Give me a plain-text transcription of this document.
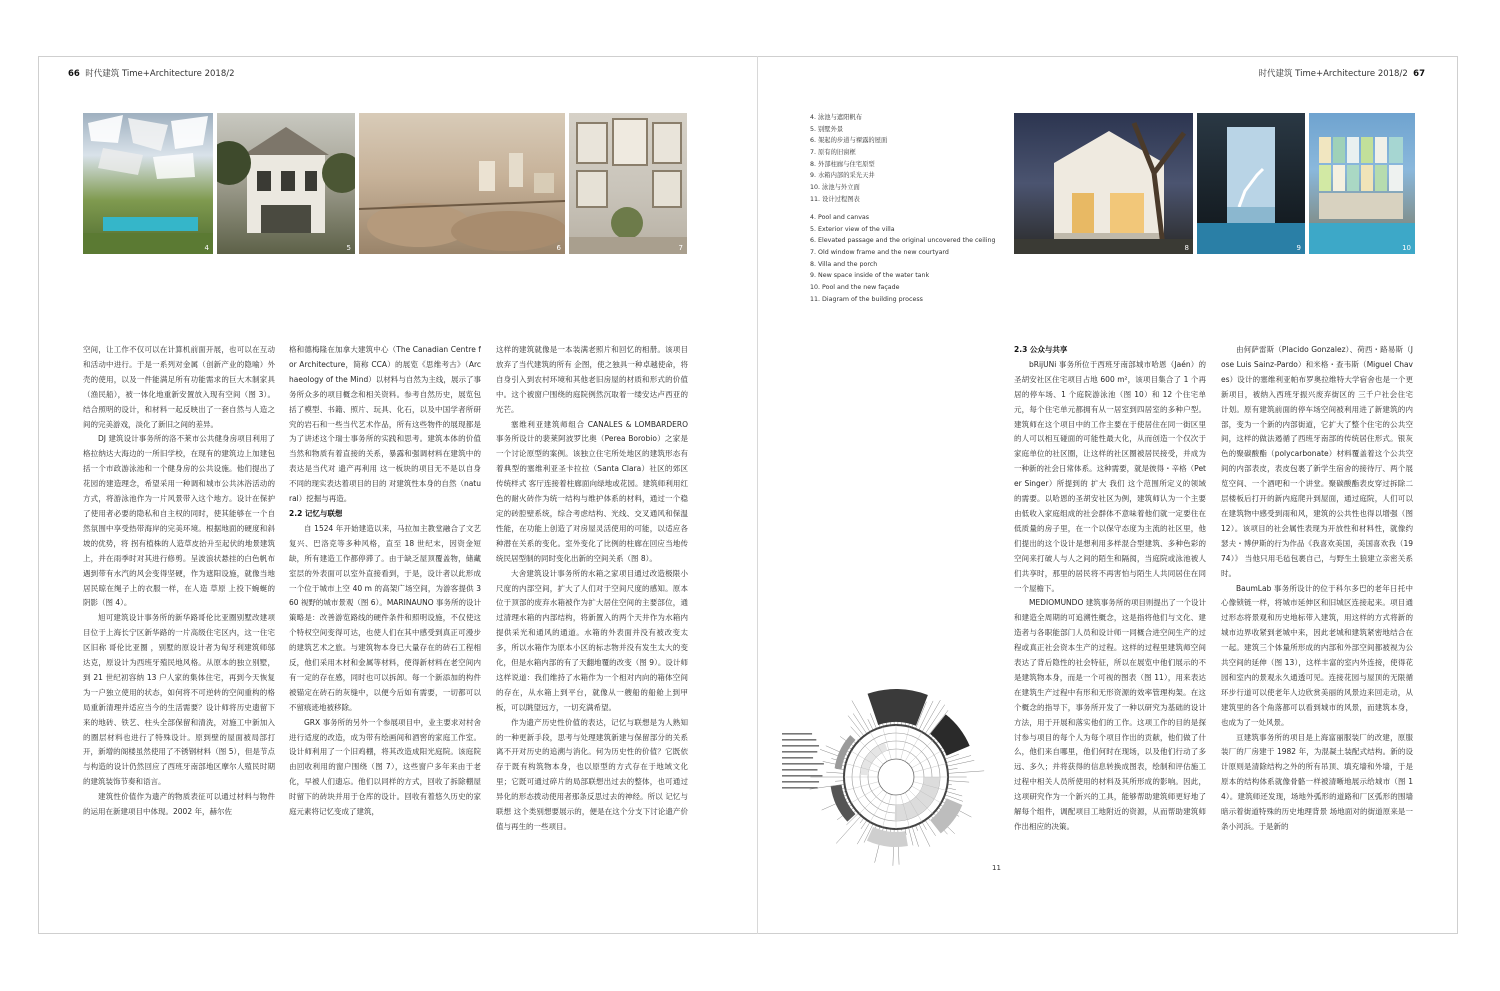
66 时代建筑 Time+Architecture 2018/2	时代建筑 Time+Architecture 2018/2 67
4	5	6	7	8	9	10
4. 泳池与遮阳帆布
5. 别墅外景
6. 架起的步道与裸露的屋面
7. 原有的旧窗框
8. 外部柱廊与住宅原型
9. 水箱内部的采光天井
10. 泳池与外立面
11. 设计过程图表
4. Pool and canvas
5. Exterior view of the villa
6. Elevated passage and the original uncovered the ceiling
7. Old window frame and the new courtyard
8. Villa and the porch
9. New space inside of the water tank
10. Pool and the new façade
11. Diagram of the building process

空间，让工作不仅可以在计算机前面开展，也可以在互动和活动中进行。于是一系列对金属（创新产业的隐喻）外壳的使用，以及一件能满足所有功能需求的巨大木制家具（渔民船），被一体化地重新安置放入现有空间（图 3）。结合照明的设计，和材料一起反映出了一套自然与人造之间的完美游戏，淡化了新旧之间的差异。

DJ 建筑设计事务所的洛不莱市公共健身房项目利用了格拉纳达大海边的一所旧学校，在现有的建筑边上加建包括一个市政游泳池和一个健身房的公共设施。他们提出了花园的建造理念，希望采用一种调和城市公共沐浴活动的方式，将游泳池作为一片风景带入这个地方。设计在保护了使用者必要的隐私和自主权的同时，使其能够在一个自然氛围中享受热带海岸的完美环境。根据地面的硬度和斜坡的优势，将 拐有植株的人造草皮抬升至起伏的地景建筑上，并在雨季时对其进行修剪。呈波浪状悬挂的白色帆布遇到带有水汽的风会变得坚硬，作为遮阳设施，就像当地居民晾在绳子上的衣服一样，在人造 草原 上投下蜿蜒的阴影（图 4）。

旭可建筑设计事务所的新华路哥伦比亚圈别墅改建项目位于上海长宁区新华路的一片高级住宅区内，这一住宅区旧称 哥伦比亚圈 ，别墅的原设计者为匈牙利建筑师邬达克，原设计为西班牙殖民地风格。从原本的独立别墅，到 21 世纪初容纳 13 户人家的集体住宅，再到今天恢复为一户独立使用的状态，如何将不可逆转的空间重构的格局重新清理并适应当今的生活需要？设计师将历史遗留下来的地砖、铁艺、柱头全部保留和清洗，对施工中新加入的圈层材料也进行了特殊设计。原到壁的屋面被局部打开，新增的阁楼虽然使用了不锈钢材料（图 5），但是节点与构造的设计仍然回应了西班牙南部地区摩尔人殖民时期的建筑装饰节奏和语言。

建筑性价值作为遗产的物质表征可以通过材料与物件的运用在新建项目中体现。2002 年，赫尔佐

格和德梅隆在加拿大建筑中心（The Canadian Centre for Architecture，简称 CCA）的展览《思维考古》（Archaeology of the Mind）以材料与自然为主线，展示了事务所众多的项目概念和相关资料。参考自然历史，展览包括了模型、书籍、照片、玩具、化石，以及中国学者所研究的岩石和一些当代艺术作品，所有这些物件的展现都是为了讲述这个瑞士事务所的实践和思考。建筑本体的价值当然和物质有着直接的关系，暴露和强调材料在建筑中的表达是当代对 遗产再利用 这一板块的项目无不是以自身不同的现实表达着项目的目的 对建筑性本身的自然（natural）挖掘与再造。

2.2 记忆与联想

自 1524 年开始建造以来，马拉加主教堂融合了文艺复兴、巴洛克等多种风格，直至 18 世纪末，因资金短缺，所有建造工作都停滞了。由于缺乏屋顶覆盖物，储藏室层的外表面可以室外直接看到，于是，设计者以此形成一个位于城市上空 40 m 的高架广场空间，为游客提供 360 视野的城市景观（图 6）。MARINAUNO 事务所的设计策略是：改善游览路线的硬件条件和照明设施，不仅使这个特权空间变得可达，也使人们在其中感受到真正可漫步的建筑艺术之旅。与建筑物本身已大量存在的砖石工程相反，他们采用木材和金属等材料，使得新材料在老空间内有一定的存在感，同时也可以拆卸。每一个新添加的构件被锚定在砖石的灰缝中，以便今后如有需要，一切都可以不留痕迹地被移除。

GRX 事务所的另外一个参展项目中，业主要求对村舍进行适度的改造，成为带有绘画间和酒窖的家庭工作室。设计师利用了一个旧鸡棚，将其改造成阳光庭院。该庭院由回收利用的窗户围绕（图 7），这些窗户多年来由于老化，早被人们遗忘。他们以同样的方式，回收了拆除棚屋时留下的砖块并用于仓库的设计。回收有着悠久历史的家庭元素将记忆变成了建筑，

这样的建筑就像是一本装满老照片和回忆的相册。该项目放弃了当代建筑的所有 企图，使之独具一种卓越使命，将自身引入到农村环境和其他老旧房屋的材质和形式的价值中。这个被窗户围绕的庭院例然沉取着一缕安达卢西亚的光芒。

塞维利亚建筑师组合 CANALES & LOMBARDERO 事务所设计的裴莱阿波罗比奥（Perea Borobio）之家是一个讨论原型的案例。该独立住宅所处地区的建筑形态有着典型的塞维利亚圣卡拉拉（Santa Clara）社区的郊区传统样式 客厅连接着柱廊面向绿地或花园。建筑师利用红色的耐火砖作为统一结构与维护体系的材料，通过一个稳定的砖腔壁系统，综合考虑结构、光线、交叉通风和保温性能，在功能上创造了对房屋灵活使用的可能，以适应各种潜在关系的变化。室外变化了比例的柱廊在回应当地传统民居型制的同时变化出新的空间关系（图 8）。

大舍建筑设计事务所的水箱之家项目通过改造极限小尺度的内部空间，扩大了人们对于空间尺度的感知。原本位于顶部的废弃水箱被作为扩大居住空间的主要部位，通过清理水箱的内部结构，将新置入的两个天井作为水箱内提供采光和通风的通道。水箱的外表面并没有被改变太多，所以水箱作为原本小区的标志物并没有发生太大的变化，但是水箱内部的有了天翻地覆的改变（图 9）。设计师这样说道：我们维持了水箱作为一个相对内向的箱体空间的存在，从水箱上到平台，就像从一艘船的船舱上到甲板，可以眺望远方，一切充满希望。

作为遗产历史性价值的表达，记忆与联想是为人熟知的一种更新手段，思考与处理建筑新建与保留部分的关系离不开对历史的追溯与消化。何为历史性的价值？它既依存于既有构筑物本身，也以原型的方式存在于地域文化里；它既可通过碎片的局部联想出过去的整体，也可通过异化的形态拨动使用者那条反思过去的神经。所以 记忆与联想 这个类别想要展示的，便是在这个分支下讨论遗产价值与再生的一些项目。

2.3 公众与共享

bRijUNi 事务所位于西班牙南部城市哈恩（Jaén）的圣胡安社区住宅项目占地 600 m²，该项目集合了 1 个再居的停车场、1 个庭院游泳池（图 10）和 12 个住宅单元，每个住宅单元都拥有从一居室到四居室的多种户型。建筑师在这个项目中的工作主要在于使居住在同一街区里的人可以相互碰面的可能性最大化，从而创造一个仅次于家庭单位的社区圈，让这样的社区圈被居民接受，并成为一种新的社会日常体系。这种需要，就是彼得・辛格（Peter Singer）所提到的 扩大 我们 这个范围所定义的领域 的需要。以哈恩的圣胡安社区为例，建筑师认为一个主要由低收入家庭组成的社会群体不意味着他们就一定要住在低质量的房子里，在一个以保守态度为主流的社区里，他们提出的这个设计是想利用多样混合型建筑、多种色彩的空间来打破人与人之间的陌生和隔阂，当庭院或泳池被人们共享时，那里的居民将不再害怕与陌生人共同居住在同一个屋檐下。

MEDIOMUNDO 建筑事务所的项目则提出了一个设计和建造全周期的可追溯性概念，这是指将他们与文化、建造者与各职能部门人员和设计师一同概合进空间生产的过程或真正社会资本生产的过程。这样的过程里建筑师空间表达了背后隐性的社会特征，所以在展览中他们展示的不是建筑物本身，而是一个可视的图表（图 11），用来表达在建筑生产过程中有形和无形资源的效率管理构架。在这个概念的指导下，事务所开发了一种以研究为基础的设计方法，用于开展和落实他们的工作。这项工作的目的是探讨参与项目的每个人为每个项目作出的贡献，他们做了什么，他们来自哪里，他们何时在现场，以及他们行动了多远、多久；并将获得的信息转换成图表，绘制和评估施工过程中相关人员所使用的材料及其所形成的影响。因此，这项研究作为一个新兴的工具，能够帮助建筑师更好地了解每个组件，调配项目工地附近的资源，从而帮助建筑师作出相应的决策。

由何萨雷斯（Placido Gonzalez）、荷西・路易斯（Jose Luis Sainz-Pardo）和米格・查韦斯（Miguel Chaves）设计的塞维利亚帕布罗奥拉维特大学宿舍也是一个更新项目，被纳入西班牙振兴废弃街区的 三千户社会住宅 计划。原有建筑前面的停车场空间被利用进了新建筑的内部，变为一个新的内部街道，它扩大了整个住宅的公共空间，这样的做法遏循了西班牙南部的传统居住形式。银灰色的聚碳酸酯（polycarbonate）材料覆盖着这个公共空间的内部表皮，表皮包裹了新学生宿舍的接待厅、两个展览空间、一个酒吧和一个讲堂。聚碳酸酯表皮穿过拆除二层楼板后打开的新内庭爬升到屋面，通过庭院，人们可以在建筑物中感受到雨和风，建筑的公共性也得以增强（图 12）。该项目的社会属性表现为开放性和材料性，就像约瑟夫・博伊斯的行为作品《我喜欢美国，美国喜欢我（1974）》 当他只用毛毡包裹自己，与野生土狼建立亲密关系时。

BaumLab 事务所设计的位于科尔多巴的老年日托中心像锁链一样，将城市延伸区和旧城区连接起来。项目通过形态将景观和历史地标带入建筑，用这样的方式将新的城市边界收紧到老城中来，因此老城和建筑紧密地结合在一起。建筑三个体量所形成的内部和外部空间都被视为公共空间的延伸（图 13），这样丰富的室内外连接，使得花园和室内的景观永久通透可见。连接花园与屋顶的无限循环步行道可以使老年人边欣赏美丽的风景边来回走动，从建筑里的各个角落都可以看到城市的风景，而建筑本身，也成为了一处风景。

亘建筑事务所的项目是上海富丽服装厂的改建，原服装厂的厂房建于 1982 年，为混凝土装配式结构。新的设计原则是清除结构之外的所有吊顶、填充墙和外墙，于是原本的结构体系就像骨骼一样被清晰地展示给城市（图 14）。建筑师还发现，场地外弧形的道路和厂区弧形的围墙暗示着街道特殊的历史地理背景 场地面对的街道原来是一条小河浜。于是新的

11
